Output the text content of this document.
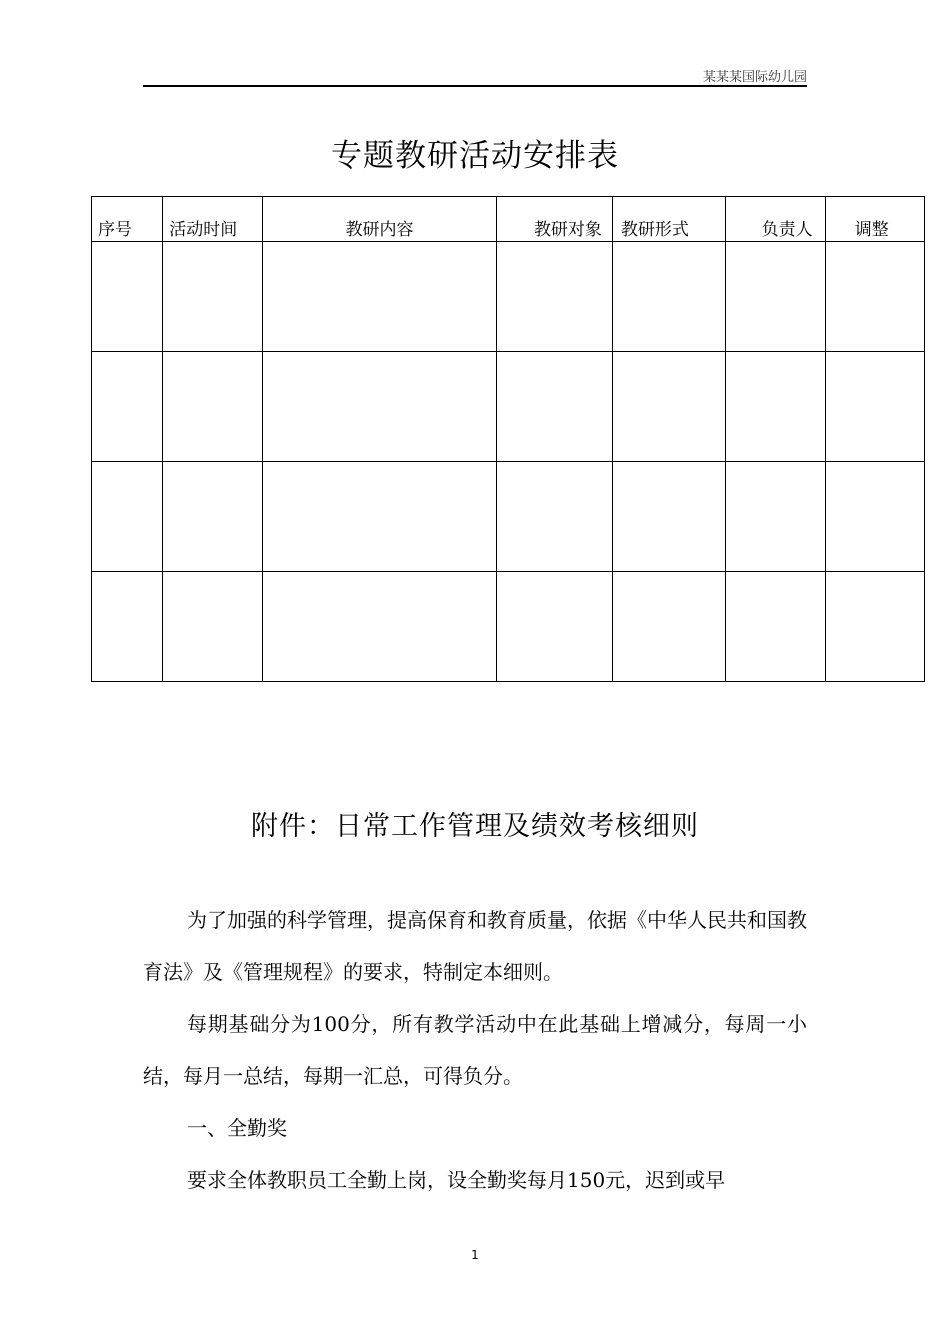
某某某国际幼儿园
专题教研活动安排表
序号	活动时间	教研内容	教研对象	教研形式	负责人	调整

附件：日常工作管理及绩效考核细则

为了加强的科学管理，提高保育和教育质量，依据《中华人民共和国教育法》及《管理规程》的要求，特制定本细则。

每期基础分为100分，所有教学活动中在此基础上增减分，每周一小结，每月一总结，每期一汇总，可得负分。

一、全勤奖

要求全体教职员工全勤上岗，设全勤奖每月150元，迟到或早

1
